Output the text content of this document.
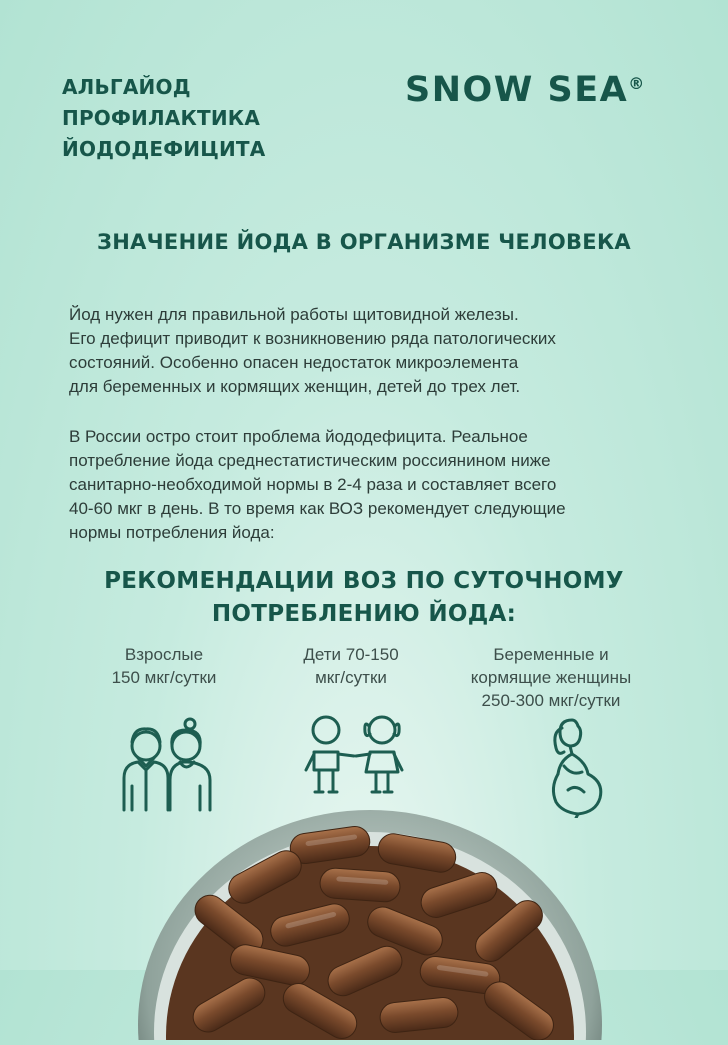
АЛЬГАЙОД
ПРОФИЛАКТИКА
ЙОДОДЕФИЦИТА
SNOW SEA®
ЗНАЧЕНИЕ ЙОДА В ОРГАНИЗМЕ ЧЕЛОВЕКА

Йод нужен для правильной работы щитовидной железы.
Его дефицит приводит к возникновению ряда патологических
состояний. Особенно опасен недостаток микроэлемента
для беременных и кормящих женщин, детей до трех лет.

В России остро стоит проблема йододефицита. Реальное
потребление йода среднестатистическим россиянином ниже
санитарно-необходимой нормы в 2-4 раза и составляет всего
40-60 мкг в день. В то время как ВОЗ рекомендует следующие
нормы потребления йода:

РЕКОМЕНДАЦИИ ВОЗ ПО СУТОЧНОМУ
ПОТРЕБЛЕНИЮ ЙОДА:
Взрослые
150 мкг/сутки
Дети 70-150
мкг/сутки
Беременные и
кормящие женщины
250-300 мкг/сутки
